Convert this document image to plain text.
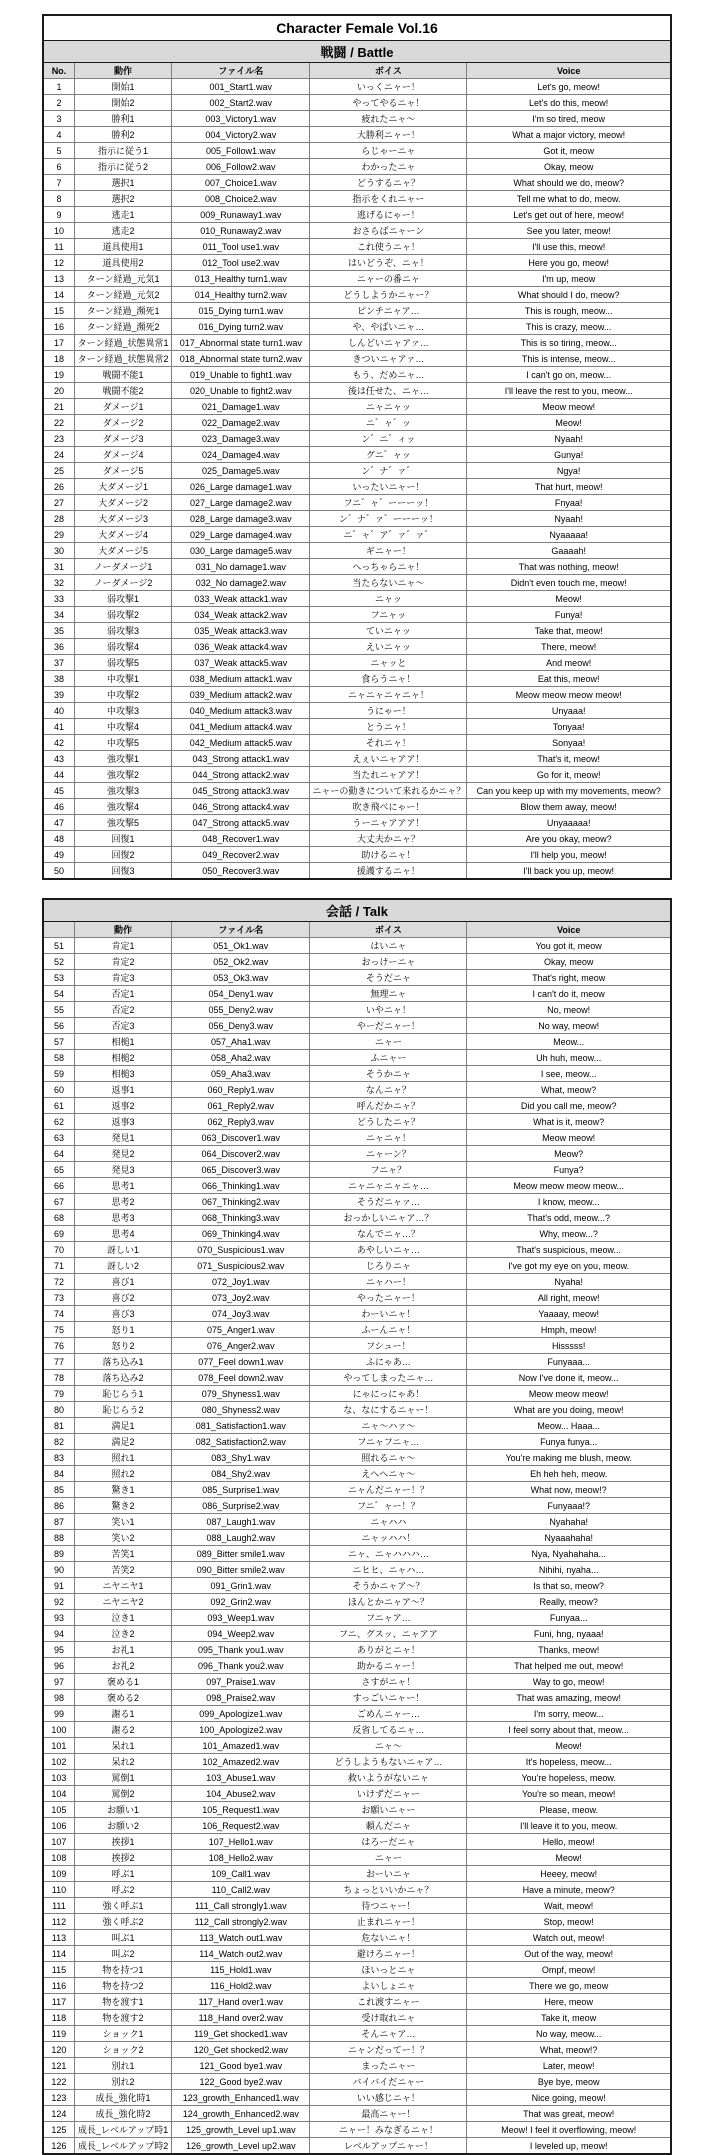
Character Female Vol.16				
戦闘 / Battle				
No.	動作	ファイル名	ボイス	Voice
1	開始1	001_Start1.wav	いっくニャー！	Let's go, meow!
2	開始2	002_Start2.wav	やってやるニャ！	Let's do this, meow!
3	勝利1	003_Victory1.wav	疲れたニャ～	I'm so tired, meow
4	勝利2	004_Victory2.wav	大勝利ニャー！	What a major victory, meow!
5	指示に従う1	005_Follow1.wav	らじゃーニャ	Got it, meow
6	指示に従う2	006_Follow2.wav	わかったニャ	Okay, meow
7	選択1	007_Choice1.wav	どうするニャ？	What should we do, meow?
8	選択2	008_Choice2.wav	指示をくれニャー	Tell me what to do, meow.
9	逃走1	009_Runaway1.wav	逃げるにゃー！	Let's get out of here, meow!
10	逃走2	010_Runaway2.wav	おさらばニャーン	See you later, meow!
11	道具使用1	011_Tool use1.wav	これ使うニャ！	I'll use this, meow!
12	道具使用2	012_Tool use2.wav	はいどうぞ、ニャ！	Here you go, meow!
13	ターン経過_元気1	013_Healthy turn1.wav	ニャーの番ニャ	I'm up, meow
14	ターン経過_元気2	014_Healthy turn2.wav	どうしようかニャー？	What should I do, meow?
15	ターン経過_瀕死1	015_Dying turn1.wav	ピンチニャア…	This is rough, meow...
16	ターン経過_瀕死2	016_Dying turn2.wav	や、やばいニャ…	This is crazy, meow...
17	ターン経過_状態異常1	017_Abnormal state turn1.wav	しんどいニャアァ…	This is so tiring, meow...
18	ターン経過_状態異常2	018_Abnormal state turn2.wav	きついニャアァ…	This is intense, meow...
19	戦闘不能1	019_Unable to fight1.wav	もう、だめニャ…	I can't go on, meow...
20	戦闘不能2	020_Unable to fight2.wav	後は任せた、ニャ…	I'll leave the rest to you, meow...
21	ダメージ1	021_Damage1.wav	ニャニャッ	Meow meow!
22	ダメージ2	022_Damage2.wav	ニ゛ャ゛ッ	Meow!
23	ダメージ3	023_Damage3.wav	ン゛ニ゛ィッ	Nyaah!
24	ダメージ4	024_Damage4.wav	グニ゛ャッ	Gunya!
25	ダメージ5	025_Damage5.wav	ン゛ナ゛ァ゛	Ngya!
26	大ダメージ1	026_Large damage1.wav	いったいニャー！	That hurt, meow!
27	大ダメージ2	027_Large damage2.wav	フニ゛ャ゛ーーーッ！	Fnyaa!
28	大ダメージ3	028_Large damage3.wav	ン゛ナ゛ァ゛ーーーッ！	Nyaah!
29	大ダメージ4	029_Large damage4.wav	ニ゛ャ゛ア゛ァ゛ァ゛	Nyaaaaa!
30	大ダメージ5	030_Large damage5.wav	ギニャー！	Gaaaah!
31	ノーダメージ1	031_No damage1.wav	へっちゃらニャ！	That was nothing, meow!
32	ノーダメージ2	032_No damage2.wav	当たらないニャ～	Didn't even touch me, meow!
33	弱攻撃1	033_Weak attack1.wav	ニャッ	Meow!
34	弱攻撃2	034_Weak attack2.wav	フニャッ	Funya!
35	弱攻撃3	035_Weak attack3.wav	ていニャッ	Take that, meow!
36	弱攻撃4	036_Weak attack4.wav	えいニャッ	There, meow!
37	弱攻撃5	037_Weak attack5.wav	ニャッと	And meow!
38	中攻撃1	038_Medium attack1.wav	食らうニャ！	Eat this, meow!
39	中攻撃2	039_Medium attack2.wav	ニャニャニャニャ！	Meow meow meow meow!
40	中攻撃3	040_Medium attack3.wav	うにゃー！	Unyaaa!
41	中攻撃4	041_Medium attack4.wav	とうニャ！	Tonyaa!
42	中攻撃5	042_Medium attack5.wav	それニャ！	Sonyaa!
43	強攻撃1	043_Strong attack1.wav	えぇいニャアア！	That's it, meow!
44	強攻撃2	044_Strong attack2.wav	当たれニャアア！	Go for it, meow!
45	強攻撃3	045_Strong attack3.wav	ニャーの動きについて来れるかニャ？	Can you keep up with my movements, meow?
46	強攻撃4	046_Strong attack4.wav	吹き飛べにゃー！	Blow them away, meow!
47	強攻撃5	047_Strong attack5.wav	うーニャアアア！	Unyaaaaa!
48	回復1	048_Recover1.wav	大丈夫かニャ？	Are you okay, meow?
49	回復2	049_Recover2.wav	助けるニャ！	I'll help you, meow!
50	回復3	050_Recover3.wav	援護するニャ！	I'll back you up, meow!
会話 / Talk				
	動作	ファイル名	ボイス	Voice
51	肯定1	051_Ok1.wav	はいニャ	You got it, meow
52	肯定2	052_Ok2.wav	おっけーニャ	Okay, meow
53	肯定3	053_Ok3.wav	そうだニャ	That's right, meow
54	否定1	054_Deny1.wav	無理ニャ	I can't do it, meow
55	否定2	055_Deny2.wav	いやニャ！	No, meow!
56	否定3	056_Deny3.wav	やーだニャー！	No way, meow!
57	相槌1	057_Aha1.wav	ニャー	Meow...
58	相槌2	058_Aha2.wav	ふニャー	Uh huh, meow...
59	相槌3	059_Aha3.wav	そうかニャ	I see, meow...
60	返事1	060_Reply1.wav	なんニャ？	What, meow?
61	返事2	061_Reply2.wav	呼んだかニャ？	Did you call me, meow?
62	返事3	062_Reply3.wav	どうしたニャ？	What is it, meow?
63	発見1	063_Discover1.wav	ニャニャ！	Meow meow!
64	発見2	064_Discover2.wav	ニャーン？	Meow?
65	発見3	065_Discover3.wav	フニャ？	Funya?
66	思考1	066_Thinking1.wav	ニャニャニャニャ…	Meow meow meow meow...
67	思考2	067_Thinking2.wav	そうだニャァ…	I know, meow...
68	思考3	068_Thinking3.wav	おっかしいニャア…？	That's odd, meow...?
69	思考4	069_Thinking4.wav	なんでニャ…？	Why, meow...?
70	訝しい1	070_Suspicious1.wav	あやしいニャ…	That's suspicious, meow...
71	訝しい2	071_Suspicious2.wav	じろりニャ	I've got my eye on you, meow.
72	喜び1	072_Joy1.wav	ニャハー！	Nyaha!
73	喜び2	073_Joy2.wav	やったニャー！	All right, meow!
74	喜び3	074_Joy3.wav	わーいニャ！	Yaaaay, meow!
75	怒り1	075_Anger1.wav	ふーんニャ！	Hmph, meow!
76	怒り2	076_Anger2.wav	フシュー！	Hisssss!
77	落ち込み1	077_Feel down1.wav	ふにゃあ…	Funyaaa...
78	落ち込み2	078_Feel down2.wav	やってしまったニャ…	Now I've done it, meow...
79	恥じらう1	079_Shyness1.wav	にゃにっにゃあ！	Meow meow meow!
80	恥じらう2	080_Shyness2.wav	な、なにするニャー！	What are you doing, meow!
81	満足1	081_Satisfaction1.wav	ニャ～ハァ～	Meow... Haaa...
82	満足2	082_Satisfaction2.wav	フニャフニャ…	Funya funya...
83	照れ1	083_Shy1.wav	照れるニャ～	You're making me blush, meow.
84	照れ2	084_Shy2.wav	えへへニャ～	Eh heh heh, meow.
85	驚き1	085_Surprise1.wav	ニャんだニャー！？	What now, meow!?
86	驚き2	086_Surprise2.wav	フニ゛ャー！？	Funyaaa!?
87	笑い1	087_Laugh1.wav	ニャハハ	Nyahaha!
88	笑い2	088_Laugh2.wav	ニャッハハ！	Nyaaahaha!
89	苦笑1	089_Bitter smile1.wav	ニャ、ニャハハハ…	Nya, Nyahahaha...
90	苦笑2	090_Bitter smile2.wav	ニヒヒ、ニャハ…	Nihihi, nyaha...
91	ニヤニヤ1	091_Grin1.wav	そうかニャア～？	Is that so, meow?
92	ニヤニヤ2	092_Grin2.wav	ほんとかニャア～？	Really, meow?
93	泣き1	093_Weep1.wav	フニャア…	Funyaa...
94	泣き2	094_Weep2.wav	フニ、グスッ、ニャアア	Funi, hng, nyaaa!
95	お礼1	095_Thank you1.wav	ありがとニャ！	Thanks, meow!
96	お礼2	096_Thank you2.wav	助かるニャー！	That helped me out, meow!
97	褒める1	097_Praise1.wav	さすがニャ！	Way to go, meow!
98	褒める2	098_Praise2.wav	すっごいニャー！	That was amazing, meow!
99	謝る1	099_Apologize1.wav	ごめんニャー…	I'm sorry, meow...
100	謝る2	100_Apologize2.wav	反省してるニャ…	I feel sorry about that, meow...
101	呆れ1	101_Amazed1.wav	ニャ～	Meow!
102	呆れ2	102_Amazed2.wav	どうしようもないニャア…	It's hopeless, meow...
103	罵倒1	103_Abuse1.wav	救いようがないニャ	You're hopeless, meow.
104	罵倒2	104_Abuse2.wav	いけずだニャー	You're so mean, meow!
105	お願い1	105_Request1.wav	お願いニャー	Please, meow.
106	お願い2	106_Request2.wav	頼んだニャ	I'll leave it to you, meow.
107	挨拶1	107_Hello1.wav	はろーだニャ	Hello, meow!
108	挨拶2	108_Hello2.wav	ニャー	Meow!
109	呼ぶ1	109_Call1.wav	おーいニャ	Heeey, meow!
110	呼ぶ2	110_Call2.wav	ちょっといいかニャ？	Have a minute, meow?
111	強く呼ぶ1	111_Call strongly1.wav	待つニャー！	Wait, meow!
112	強く呼ぶ2	112_Call strongly2.wav	止まれニャー！	Stop, meow!
113	叫ぶ1	113_Watch out1.wav	危ないニャ！	Watch out, meow!
114	叫ぶ2	114_Watch out2.wav	避けろニャー！	Out of the way, meow!
115	物を持つ1	115_Hold1.wav	ほいっとニャ	Ompf, meow!
116	物を持つ2	116_Hold2.wav	よいしょニャ	There we go, meow
117	物を渡す1	117_Hand over1.wav	これ渡すニャー	Here, meow
118	物を渡す2	118_Hand over2.wav	受け取れニャ	Take it, meow
119	ショック1	119_Get shocked1.wav	そんニャア…	No way, meow...
120	ショック2	120_Get shocked2.wav	ニャンだってー！？	What, meow!?
121	別れ1	121_Good bye1.wav	まったニャー	Later, meow!
122	別れ2	122_Good bye2.wav	バイバイだニャー	Bye bye, meow
123	成長_強化時1	123_growth_Enhanced1.wav	いい感じニャ！	Nice going, meow!
124	成長_強化時2	124_growth_Enhanced2.wav	最高ニャー！	That was great, meow!
125	成長_レベルアップ時1	125_growth_Level up1.wav	ニャー！みなぎるニャ！	Meow! I feel it overflowing, meow!
126	成長_レベルアップ時2	126_growth_Level up2.wav	レベルアップニャー！	I leveled up, meow!
